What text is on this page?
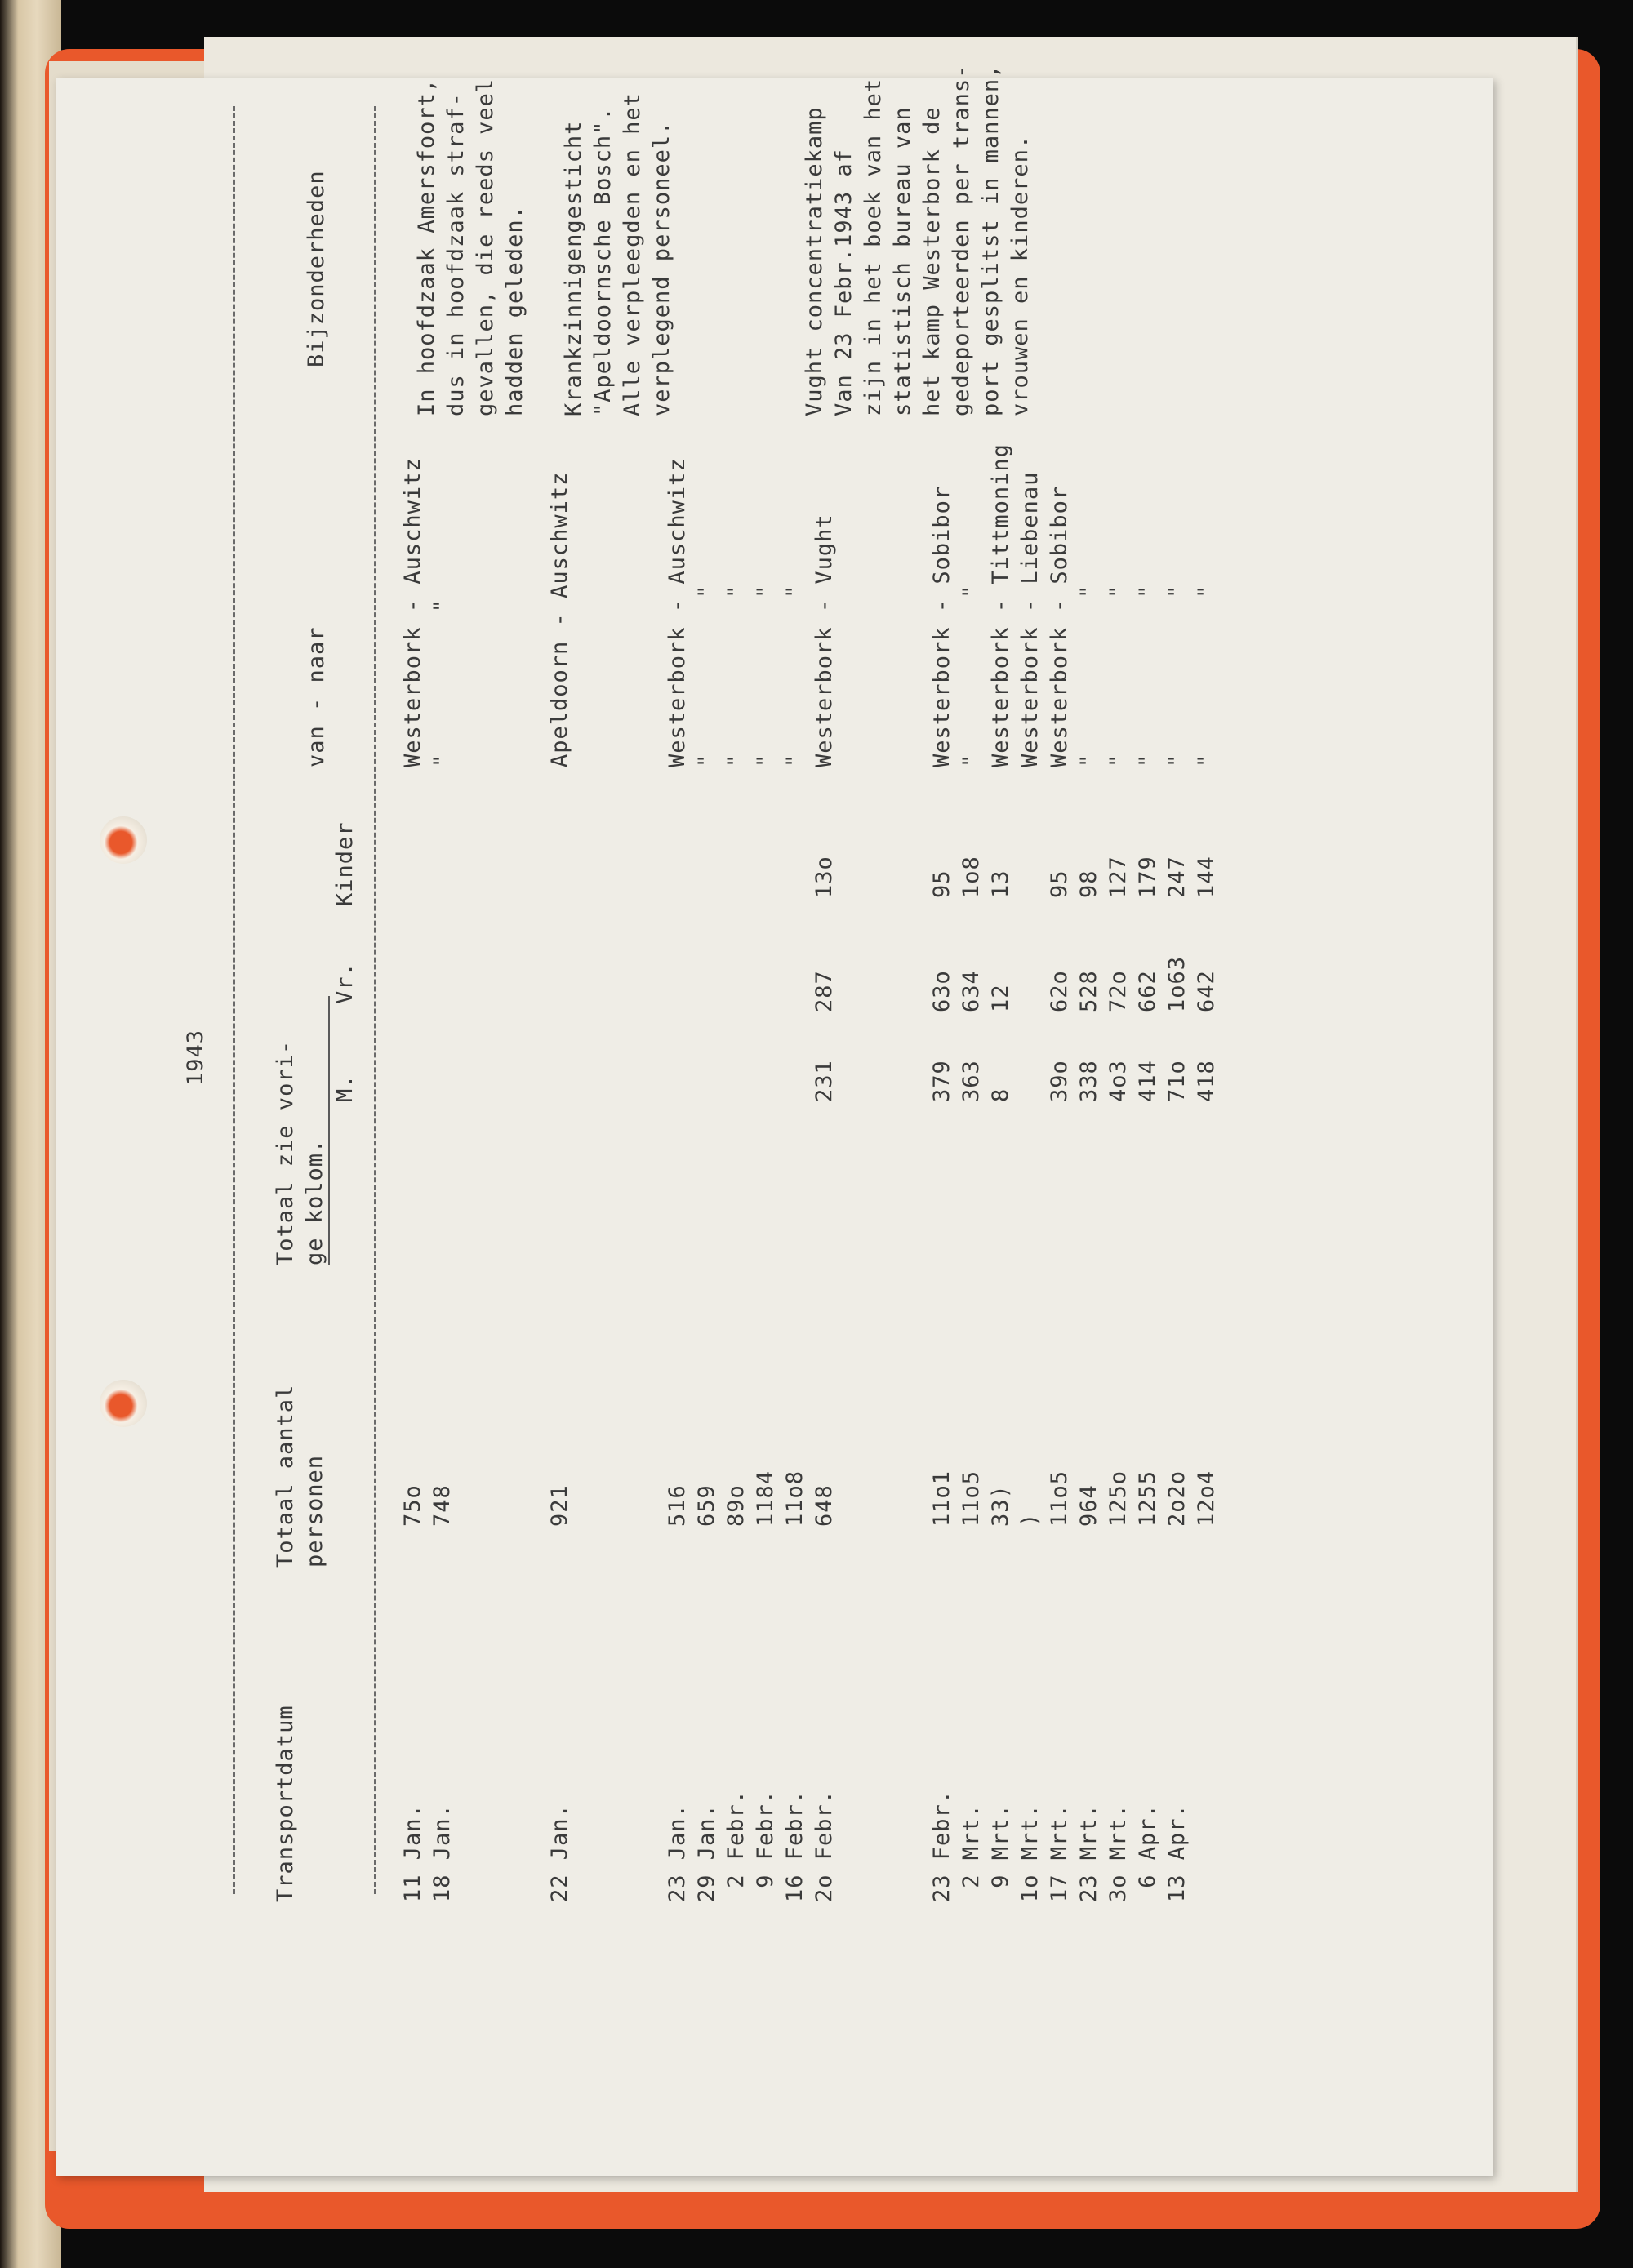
1943
Transportdatum
Totaal aantal
personen
Totaal zie vori-
ge kolom.
M.
Vr.
Kinder
van - naar
Bijzonderheden
11 Jan.
75o
Westerbork - Auschwitz
18 Jan.
748
"          "
22 Jan.
921
Apeldoorn - Auschwitz
23 Jan.
516
Westerbork - Auschwitz
29 Jan.
659
"           "
2 Febr.
89o
"           "
9 Febr.
1184
"           "
16 Febr.
11o8
"           "
2o Febr.
648
231
287
13o
Westerbork - Vught
23 Febr.
11o1
379
63o
95
Westerbork - Sobibor
2 Mrt.
11o5
363
634
1o8
"           "
9 Mrt.
33)
8
12
13
Westerbork - Tittmoning
1o Mrt.
)
Westerbork - Liebenau
17 Mrt.
11o5
39o
62o
95
Westerbork - Sobibor
23 Mrt.
964
338
528
98
"           "
3o Mrt.
125o
4o3
72o
127
"           "
6 Apr.
1255
414
662
179
"           "
13 Apr.
2o2o
71o
1o63
247
"           "
12o4
418
642
144
"           "
In hoofdzaak Amersfoort,
dus in hoofdzaak straf-
gevallen, die reeds veel
hadden geleden. Krankzinnigengesticht
"Apeldoornsche Bosch".
Alle verpleegden en het
verplegend personeel.
Vught concentratiekamp
Van 23 Febr.1943 af
zijn in het boek van het
statistisch bureau van
het kamp Westerbork de
gedeporteerden per trans-
port gesplitst in mannen,
vrouwen en kinderen.
